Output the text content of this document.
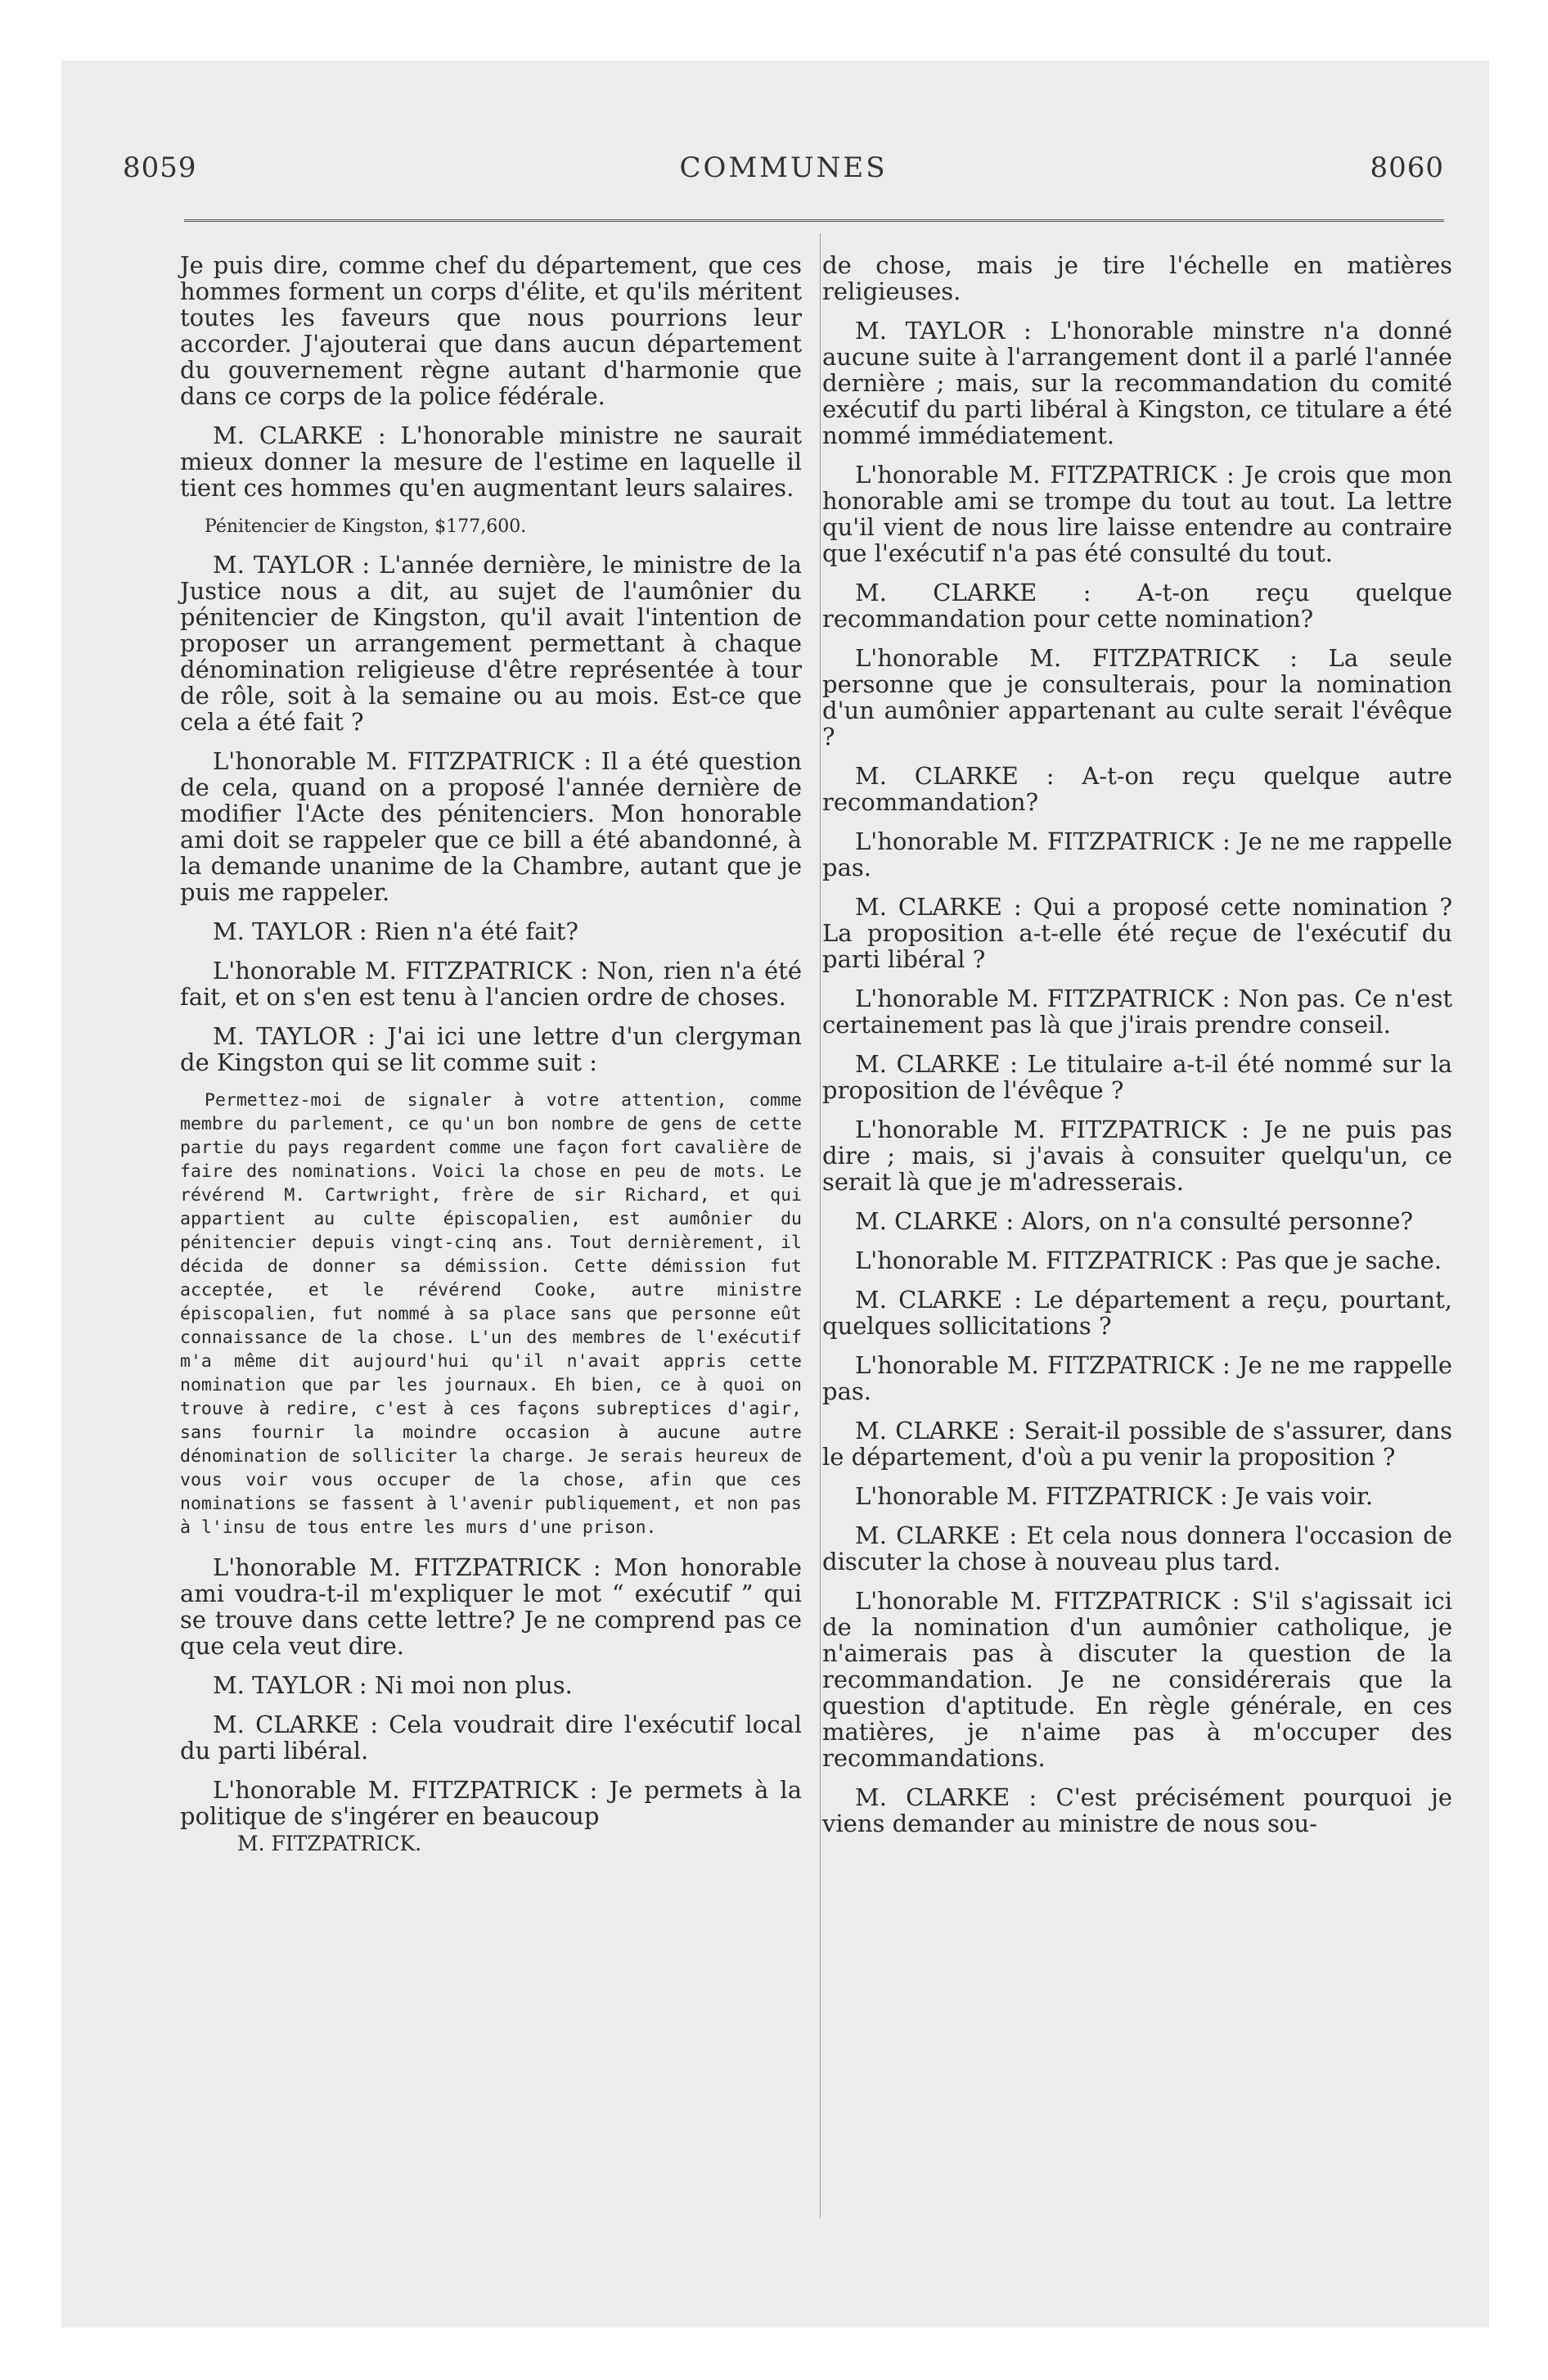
8059	COMMUNES	8060

Je puis dire, comme chef du département, que ces hommes forment un corps d'élite, et qu'ils méritent toutes les faveurs que nous pourrions leur accorder. J'ajouterai que dans aucun département du gouvernement règne autant d'harmonie que dans ce corps de la police fédérale.

M. CLARKE : L'honorable ministre ne saurait mieux donner la mesure de l'estime en laquelle il tient ces hommes qu'en augmentant leurs salaires.

Pénitencier de Kingston, $177,600.

M. TAYLOR : L'année dernière, le ministre de la Justice nous a dit, au sujet de l'aumônier du pénitencier de Kingston, qu'il avait l'intention de proposer un arrangement permettant à chaque dénomination religieuse d'être représentée à tour de rôle, soit à la semaine ou au mois. Est-ce que cela a été fait ?

L'honorable M. FITZPATRICK : Il a été question de cela, quand on a proposé l'année dernière de modifier l'Acte des pénitenciers. Mon honorable ami doit se rappeler que ce bill a été abandonné, à la demande unanime de la Chambre, autant que je puis me rappeler.

M. TAYLOR : Rien n'a été fait?

L'honorable M. FITZPATRICK : Non, rien n'a été fait, et on s'en est tenu à l'ancien ordre de choses.

M. TAYLOR : J'ai ici une lettre d'un clergyman de Kingston qui se lit comme suit :

Permettez-moi de signaler à votre attention, comme membre du parlement, ce qu'un bon nombre de gens de cette partie du pays regardent comme une façon fort cavalière de faire des nominations. Voici la chose en peu de mots. Le révérend M. Cartwright, frère de sir Richard, et qui appartient au culte épiscopalien, est aumônier du pénitencier depuis vingt-cinq ans. Tout dernièrement, il décida de donner sa démission. Cette démission fut acceptée, et le révérend Cooke, autre ministre épiscopalien, fut nommé à sa place sans que personne eût connaissance de la chose. L'un des membres de l'exécutif m'a même dit aujourd'hui qu'il n'avait appris cette nomination que par les journaux. Eh bien, ce à quoi on trouve à redire, c'est à ces façons subreptices d'agir, sans fournir la moindre occasion à aucune autre dénomination de solliciter la charge. Je serais heureux de vous voir vous occuper de la chose, afin que ces nominations se fassent à l'avenir publiquement, et non pas à l'insu de tous entre les murs d'une prison.

L'honorable M. FITZPATRICK : Mon honorable ami voudra-t-il m'expliquer le mot “ exécutif ” qui se trouve dans cette lettre? Je ne comprend pas ce que cela veut dire.

M. TAYLOR : Ni moi non plus.

M. CLARKE : Cela voudrait dire l'exécutif local du parti libéral.

L'honorable M. FITZPATRICK : Je permets à la politique de s'ingérer en beaucoup

M. FITZPATRICK.

de chose, mais je tire l'échelle en matières religieuses.

M. TAYLOR : L'honorable minstre n'a donné aucune suite à l'arrangement dont il a parlé l'année dernière ; mais, sur la recommandation du comité exécutif du parti libéral à Kingston, ce titulare a été nommé immédiatement.

L'honorable M. FITZPATRICK : Je crois que mon honorable ami se trompe du tout au tout. La lettre qu'il vient de nous lire laisse entendre au contraire que l'exécutif n'a pas été consulté du tout.

M. CLARKE : A-t-on reçu quelque recommandation pour cette nomination?

L'honorable M. FITZPATRICK : La seule personne que je consulterais, pour la nomination d'un aumônier appartenant au culte serait l'évêque ?

M. CLARKE : A-t-on reçu quelque autre recommandation?

L'honorable M. FITZPATRICK : Je ne me rappelle pas.

M. CLARKE : Qui a proposé cette nomination ? La proposition a-t-elle été reçue de l'exécutif du parti libéral ?

L'honorable M. FITZPATRICK : Non pas. Ce n'est certainement pas là que j'irais prendre conseil.

M. CLARKE : Le titulaire a-t-il été nommé sur la proposition de l'évêque ?

L'honorable M. FITZPATRICK : Je ne puis pas dire ; mais, si j'avais à consuiter quelqu'un, ce serait là que je m'adresserais.

M. CLARKE : Alors, on n'a consulté personne?

L'honorable M. FITZPATRICK : Pas que je sache.

M. CLARKE : Le département a reçu, pourtant, quelques sollicitations ?

L'honorable M. FITZPATRICK : Je ne me rappelle pas.

M. CLARKE : Serait-il possible de s'assurer, dans le département, d'où a pu venir la proposition ?

L'honorable M. FITZPATRICK : Je vais voir.

M. CLARKE : Et cela nous donnera l'occasion de discuter la chose à nouveau plus tard.

L'honorable M. FITZPATRICK : S'il s'agissait ici de la nomination d'un aumônier catholique, je n'aimerais pas à discuter la question de la recommandation. Je ne considérerais que la question d'aptitude. En règle générale, en ces matières, je n'aime pas à m'occuper des recommandations.

M. CLARKE : C'est précisément pourquoi je viens demander au ministre de nous sou-
